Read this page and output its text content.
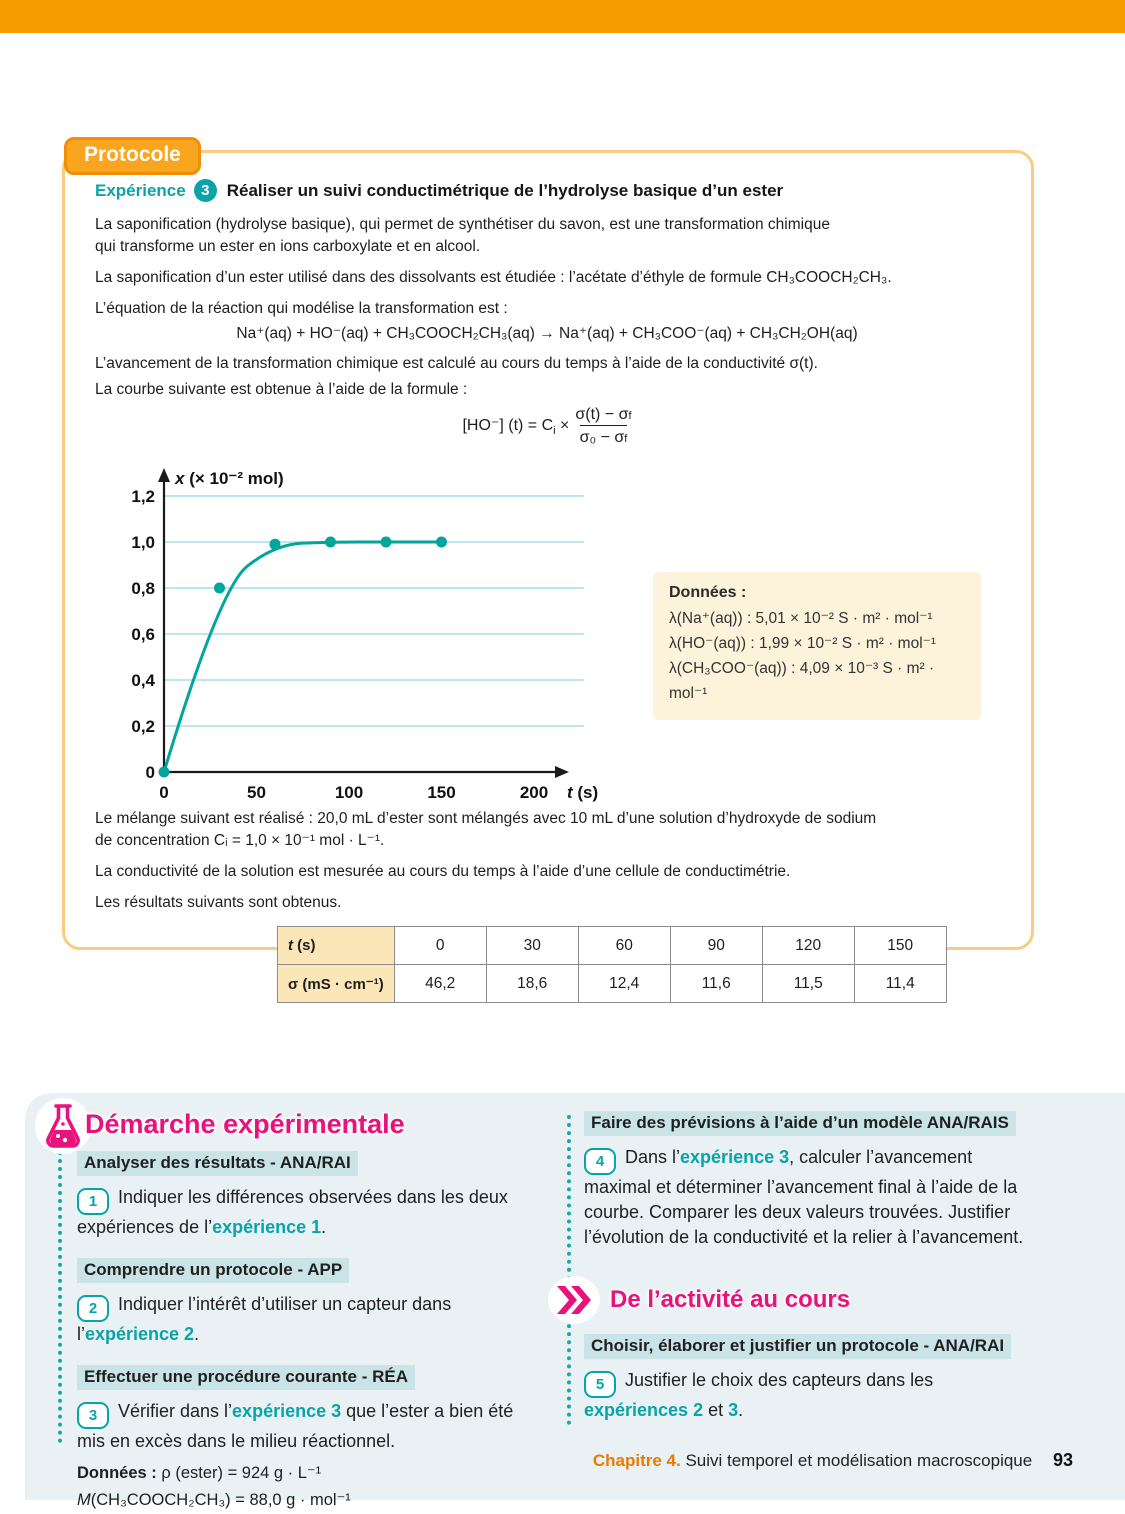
Protocole
Expérience	3	Réaliser un suivi conductimétrique de l’hydrolyse basique d’un ester

La saponification (hydrolyse basique), qui permet de synthétiser du savon, est une transformation chimique
qui transforme un ester en ions carboxylate et en alcool.

La saponification d’un ester utilisé dans des dissolvants est étudiée : l’acétate d’éthyle de formule CH₃COOCH₂CH₃.

L’équation de la réaction qui modélise la transformation est :

Na⁺(aq) + HO⁻(aq) + CH₃COOCH₂CH₃(aq) → Na⁺(aq) + CH₃COO⁻(aq) + CH₃CH₂OH(aq)

L’avancement de la transformation chimique est calculé au cours du temps à l’aide de la conductivité σ(t).

La courbe suivante est obtenue à l’aide de la formule :

[HO⁻] $(t) = C_i \times \frac{\sigma(t) - \sigma f}{\text{σ₀ − σf}}$
0
0,2
0,4
0,6
0,8
1,0
1,2
0	50	100	150	200
x (× 10⁻² mol)
t (s)
Données :
λ(Na⁺(aq)) : 5,01 × 10⁻² S · m² · mol⁻¹
λ(HO⁻(aq)) : 1,99 × 10⁻² S · m² · mol⁻¹
λ(CH₃COO⁻(aq)) : 4,09 × 10⁻³ S · m² · mol⁻¹

Le mélange suivant est réalisé : 20,0 mL d’ester sont mélangés avec 10 mL d’une solution d’hydroxyde de sodium
de concentration Cᵢ = 1,0 × 10⁻¹ mol · L⁻¹.

La conductivité de la solution est mesurée au cours du temps à l’aide d’une cellule de conductimétrie.

Les résultats suivants sont obtenus.

t (s)	0	30	60	90	120	150
σ (mS · cm⁻¹)	46,2	18,6	12,4	11,6	11,5	11,4
Démarche expérimentale
Analyser des résultats - ANA/RAI

1 Indiquer les différences observées dans les deux expériences de l’expérience 1.

Comprendre un protocole - APP

2 Indiquer l’intérêt d’utiliser un capteur dans l’expérience 2.

Effectuer une procédure courante - RÉA

3 Vérifier dans l’expérience 3 que l’ester a bien été mis en excès dans le milieu réactionnel.

Données : ρ (ester) = 924 g · L⁻¹
M(CH₃COOCH₂CH₃) = 88,0 g · mol⁻¹
Faire des prévisions à l’aide d’un modèle ANA/RAIS

4 Dans l’expérience 3, calculer l’avancement maximal et déterminer l’avancement final à l’aide de la courbe. Comparer les deux valeurs trouvées. Justifier l’évolution de la conductivité et la relier à l’avancement.

De l’activité au cours
Choisir, élaborer et justifier un protocole - ANA/RAI

5 Justifier le choix des capteurs dans les expériences 2 et 3.

Chapitre 4. Suivi temporel et modélisation macroscopique 93
